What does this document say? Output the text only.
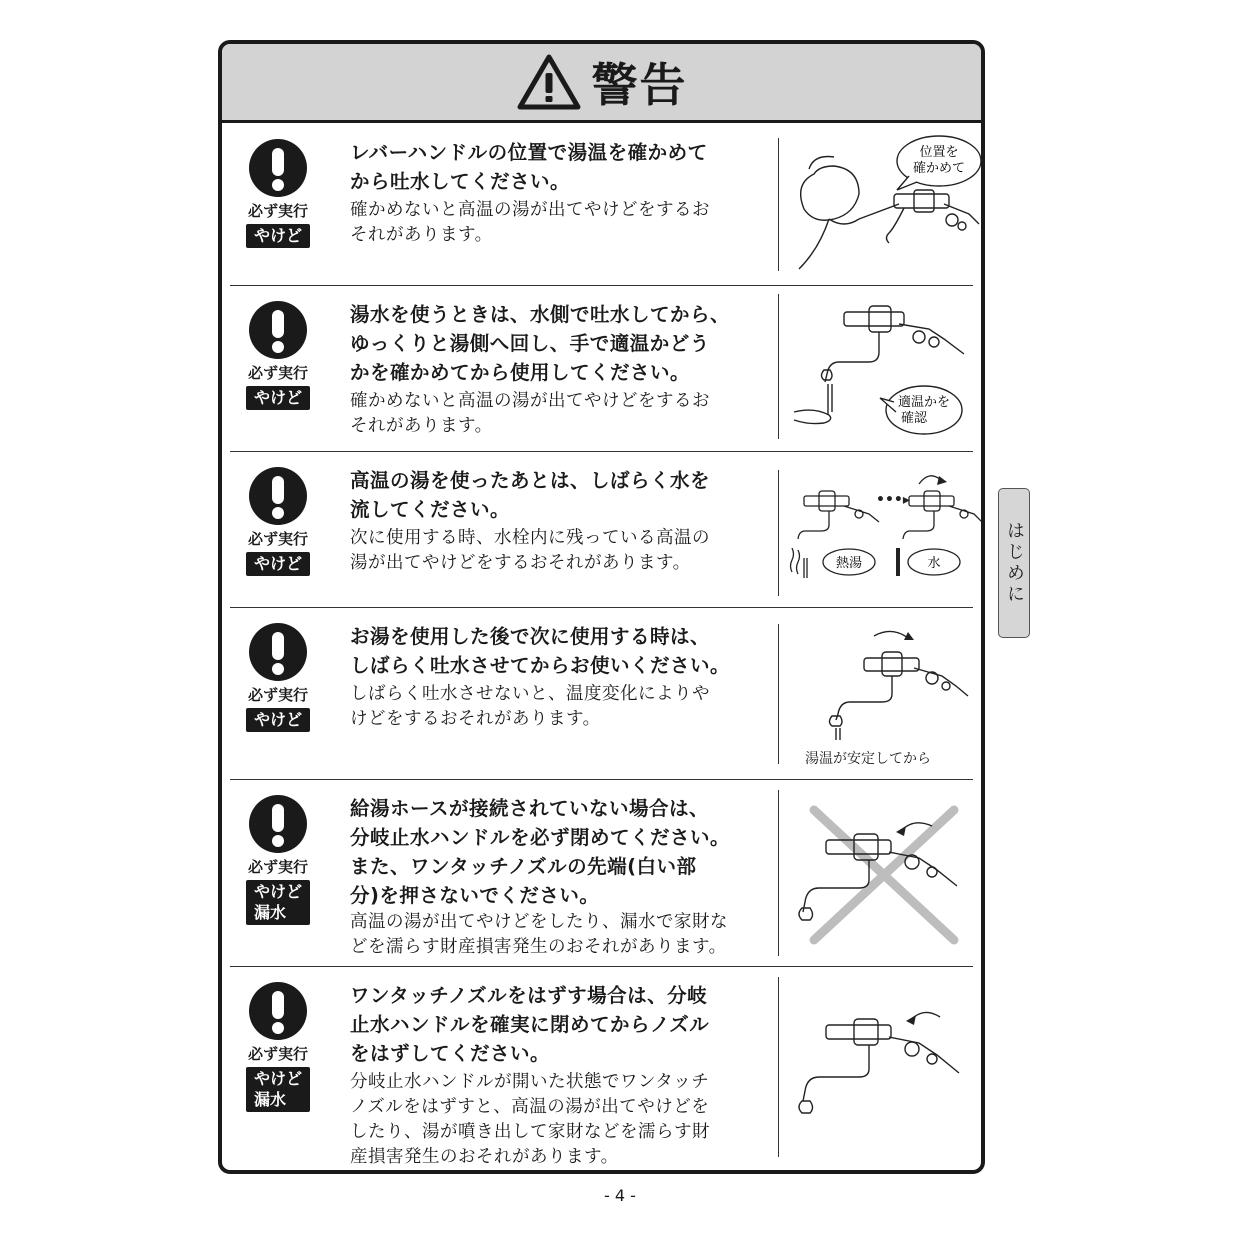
警告
必ず実行
やけど
レバーハンドルの位置で湯温を確かめて
から吐水してください。
確かめないと高温の湯が出てやけどをするお
それがあります。
位置を
確かめて
必ず実行
やけど
湯水を使うときは、水側で吐水してから、
ゆっくりと湯側へ回し、手で適温かどう
かを確かめてから使用してください。
確かめないと高温の湯が出てやけどをするお
それがあります。
適温かを
確認
必ず実行
やけど
高温の湯を使ったあとは、しばらく水を
流してください。
次に使用する時、水栓内に残っている高温の
湯が出てやけどをするおそれがあります。
•••▸
熱湯	水
必ず実行
やけど
お湯を使用した後で次に使用する時は、
しばらく吐水させてからお使いください。
しばらく吐水させないと、温度変化によりや
けどをするおそれがあります。
湯温が安定してから
必ず実行
やけど
漏水
給湯ホースが接続されていない場合は、
分岐止水ハンドルを必ず閉めてください。
また、ワンタッチノズルの先端(白い部
分)を押さないでください。
高温の湯が出てやけどをしたり、漏水で家財な
どを濡らす財産損害発生のおそれがあります。
必ず実行
やけど
漏水
ワンタッチノズルをはずす場合は、分岐
止水ハンドルを確実に閉めてからノズル
をはずしてください。
分岐止水ハンドルが開いた状態でワンタッチ
ノズルをはずすと、高温の湯が出てやけどを
したり、湯が噴き出して家財などを濡らす財
産損害発生のおそれがあります。
はじめに
- 4 -
